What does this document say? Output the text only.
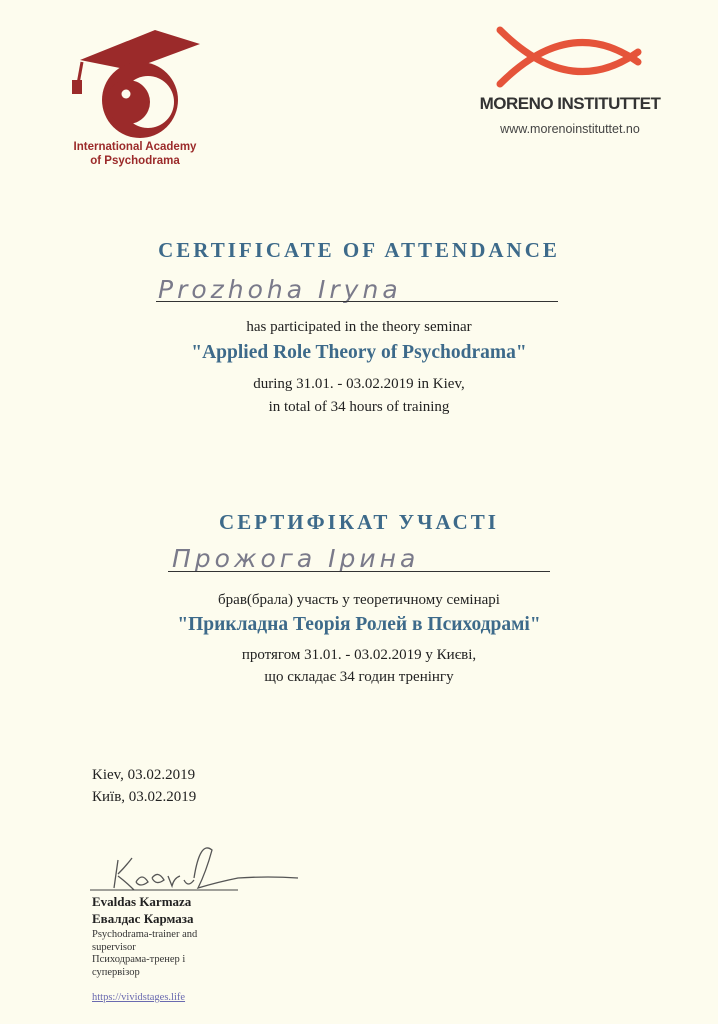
International Academy
of Psychodrama
MORENO INSTITUTTET
www.morenoinstituttet.no
CERTIFICATE OF ATTENDANCE
Prozhoha Iryna
has participated in the theory seminar
"Applied Role Theory of Psychodrama"
during 31.01. - 03.02.2019 in Kiev,
in total of 34 hours of training
СЕРТИФІКАТ УЧАСТІ
Прожога Ірина
брав(брала) участь у теоретичному семінарі
"Прикладна Теорія Ролей в Психодрамі"
протягом 31.01. - 03.02.2019 у Києві,
що складає 34 годин тренінгу
Kiev, 03.02.2019
Київ, 03.02.2019
Evaldas Karmaza
Евалдас Кармаза
Psychodrama-trainer and
supervisor
Психодрама-тренер і
супервізор
https://vividstages.life
